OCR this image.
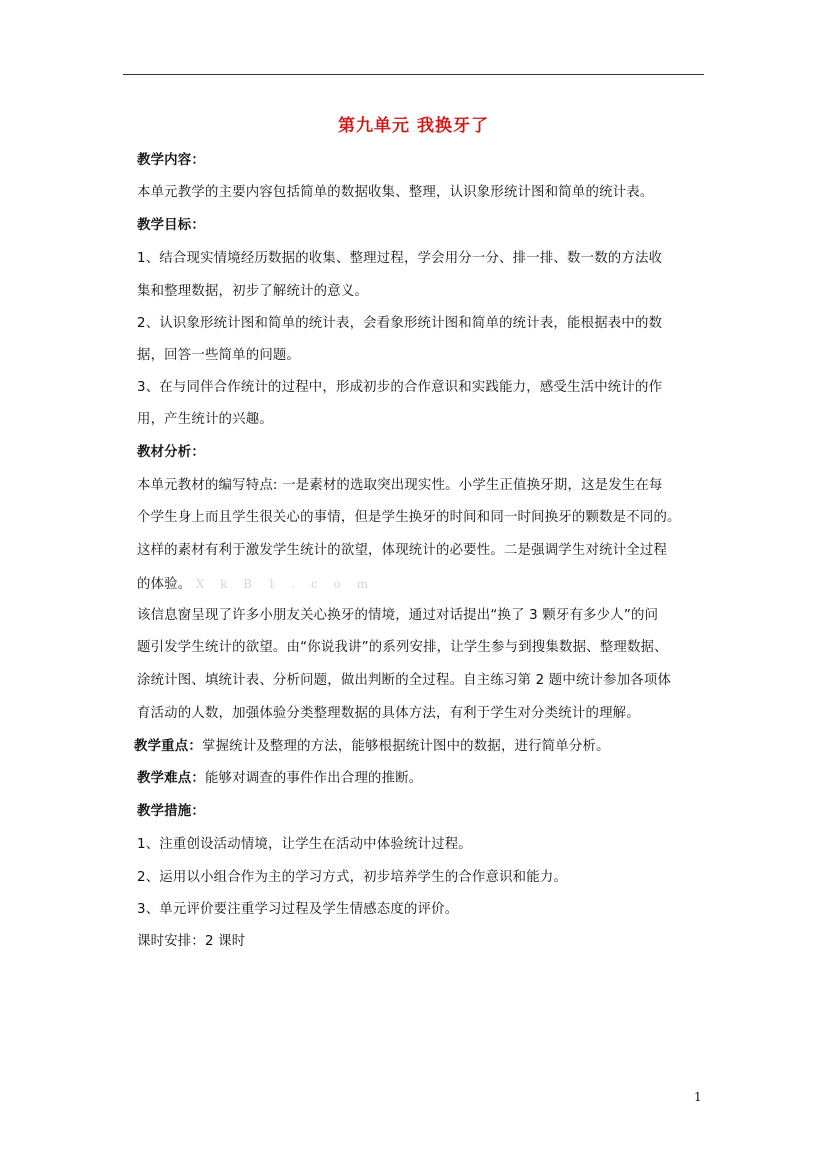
第九单元 我换牙了
教学内容：
本单元教学的主要内容包括简单的数据收集、整理，认识象形统计图和简单的统计表。
教学目标：
1、结合现实情境经历数据的收集、整理过程，学会用分一分、排一排、数一数的方法收
集和整理数据，初步了解统计的意义。
2、认识象形统计图和简单的统计表，会看象形统计图和简单的统计表，能根据表中的数
据，回答一些简单的问题。
3、在与同伴合作统计的过程中，形成初步的合作意识和实践能力，感受生活中统计的作
用，产生统计的兴趣。
教材分析：
本单元教材的编写特点: 一是素材的选取突出现实性。小学生正值换牙期，这是发生在每
个学生身上而且学生很关心的事情，但是学生换牙的时间和同一时间换牙的颗数是不同的。
这样的素材有利于激发学生统计的欲望，体现统计的必要性。二是强调学生对统计全过程
的体验。 X k B 1 . c o m
该信息窗呈现了许多小朋友关心换牙的情境，通过对话提出“换了 3 颗牙有多少人”的问
题引发学生统计的欲望。由“你说我讲”的系列安排，让学生参与到搜集数据、整理数据、
涂统计图、填统计表、分析问题，做出判断的全过程。自主练习第 2 题中统计参加各项体
育活动的人数，加强体验分类整理数据的具体方法，有利于学生对分类统计的理解。
教学重点：掌握统计及整理的方法，能够根据统计图中的数据，进行简单分析。
教学难点：能够对调查的事件作出合理的推断。
教学措施：
1、注重创设活动情境，让学生在活动中体验统计过程。
2、运用以小组合作为主的学习方式，初步培养学生的合作意识和能力。
3、单元评价要注重学习过程及学生情感态度的评价。
课时安排：2 课时
1
